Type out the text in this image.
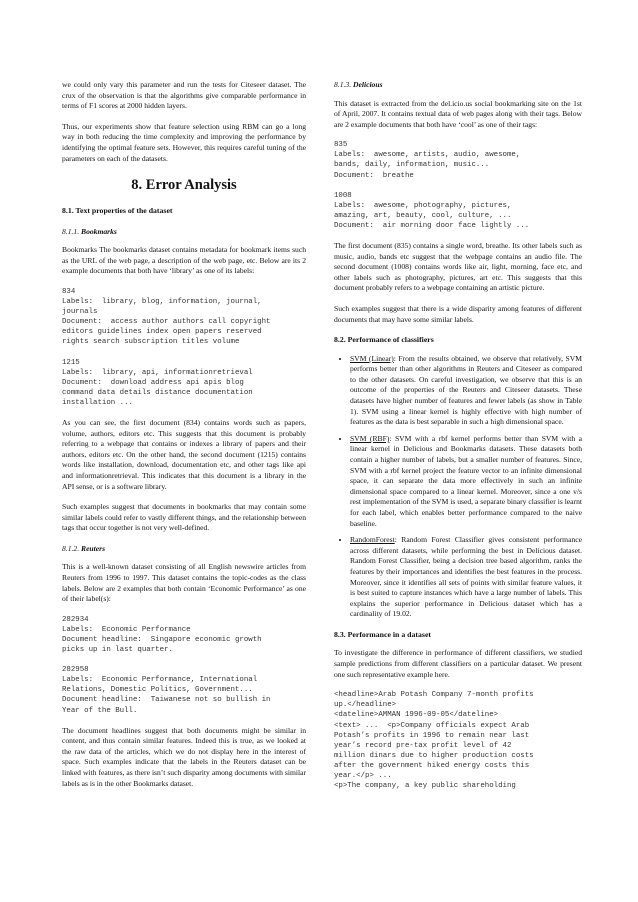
we could only vary this parameter and run the tests for Citeseer dataset. The crux of the observation is that the algorithms give comparable performance in terms of F1 scores at 2000 hidden layers.

Thus, our experiments show that feature selection using RBM can go a long way in both reducing the time complexity and improving the performance by identifying the optimal feature sets. However, this requires careful tuning of the parameters on each of the datasets.

8. Error Analysis
8.1. Text properties of the dataset
8.1.1. Bookmarks

Bookmarks The bookmarks dataset contains metadata for bookmark items such as the URL of the web page, a description of the web page, etc. Below are its 2 example documents that both have ‘library’ as one of its labels:

834
Labels:  library, blog, information, journal,
journals
Document:  access author authors call copyright
editors guidelines index open papers reserved
rights search subscription titles volume
1215
Labels:  library, api, informationretrieval
Document:  download address api apis blog
command data details distance documentation
installation ...

As you can see, the first document (834) contains words such as papers, volume, authors, editors etc. This suggests that this document is probably referring to a webpage that contains or indexes a library of papers and their authors, editors etc. On the other hand, the second document (1215) contains words like installation, download, documentation etc, and other tags like api and informationretrieval. This indicates that this document is a library in the API sense, or is a software library.

Such examples suggest that documents in bookmarks that may contain some similar labels could refer to vastly different things, and the relationship between tags that occur together is not very well-defined.

8.1.2. Reuters

This is a well-known dataset consisting of all English newswire articles from Reuters from 1996 to 1997. This dataset contains the topic-codes as the class labels. Below are 2 examples that both contain ‘Economic Performance’ as one of their label(s):

282934
Labels:  Economic Performance
Document headline:  Singapore economic growth
picks up in last quarter.
282958
Labels:  Economic Performance, International
Relations, Domestic Politics, Government...
Document headline:  Taiwanese not so bullish in
Year of the Bull.

The document headlines suggest that both documents might be similar in content, and thus contain similar features. Indeed this is true, as we looked at the raw data of the articles, which we do not display here in the interest of space. Such examples indicate that the labels in the Reuters dataset can be linked with features, as there isn’t such disparity among documents with similar labels as is in the other Bookmarks dataset.

8.1.3. Delicious

This dataset is extracted from the del.icio.us social bookmarking site on the 1st of April, 2007. It contains textual data of web pages along with their tags. Below are 2 example documents that both have ‘cool’ as one of their tags:

835
Labels:  awesome, artists, audio, awesome,
bands, daily, information, music...
Document:  breathe
1008
Labels:  awesome, photography, pictures,
amazing, art, beauty, cool, culture, ...
Document:  air morning door face lightly ...

The first document (835) contains a single word, breathe. Its other labels such as music, audio, bands etc suggest that the webpage contains an audio file. The second document (1008) contains words like air, light, morning, face etc, and other labels such as photography, pictures, art etc. This suggests that this document probably refers to a webpage containing an artistic picture.

Such examples suggest that there is a wide disparity among features of different documents that may have some similar labels.

8.2. Performance of classifiers
• SVM (Linear): From the results obtained, we observe that relatively, SVM performs better than other algorithms in Reuters and Citeseer as compared to the other datasets. On careful investigation, we observe that this is an outcome of the properties of the Reuters and Citeseer datasets. These datasets have higher number of features and fewer labels (as show in Table 1). SVM using a linear kernel is highly effective with high number of features as the data is best separable in such a high dimensional space.
• SVM (RBF): SVM with a rbf kernel performs better than SVM with a linear kernel in Delicious and Bookmarks datasets. These datasets both contain a higher number of labels, but a smaller number of features. Since, SVM with a rbf kernel project the feature vector to an infinite dimensional space, it can separate the data more effectively in such an infinite dimensional space compared to a linear kernel. Moreover, since a one v/s rest implementation of the SVM is used, a separate binary classifier is learnt for each label, which enables better performance compared to the naive baseline.
• RandomForest: Random Forest Classifier gives consistent performance across different datasets, while performing the best in Delicious dataset. Random Forest Classifier, being a decision tree based algorithm, ranks the features by their importances and identifies the best features in the process. Moreover, since it identifies all sets of points with similar feature values, it is best suited to capture instances which have a large number of labels. This explains the superior performance in Delicious dataset which has a cardinality of 19.02.
8.3. Performance in a dataset

To investigate the difference in performance of different classifiers, we studied sample predictions from different classifiers on a particular dataset. We present one such representative example here.

<headline>Arab Potash Company 7-month profits
up.</headline>
<dateline>AMMAN 1996-09-05</dateline>
<text> ...  <p>Company officials expect Arab
Potash’s profits in 1996 to remain near last
year’s record pre-tax profit level of 42
million dinars due to higher production costs
after the government hiked energy costs this
year.</p> ...
<p>The company, a key public shareholding
